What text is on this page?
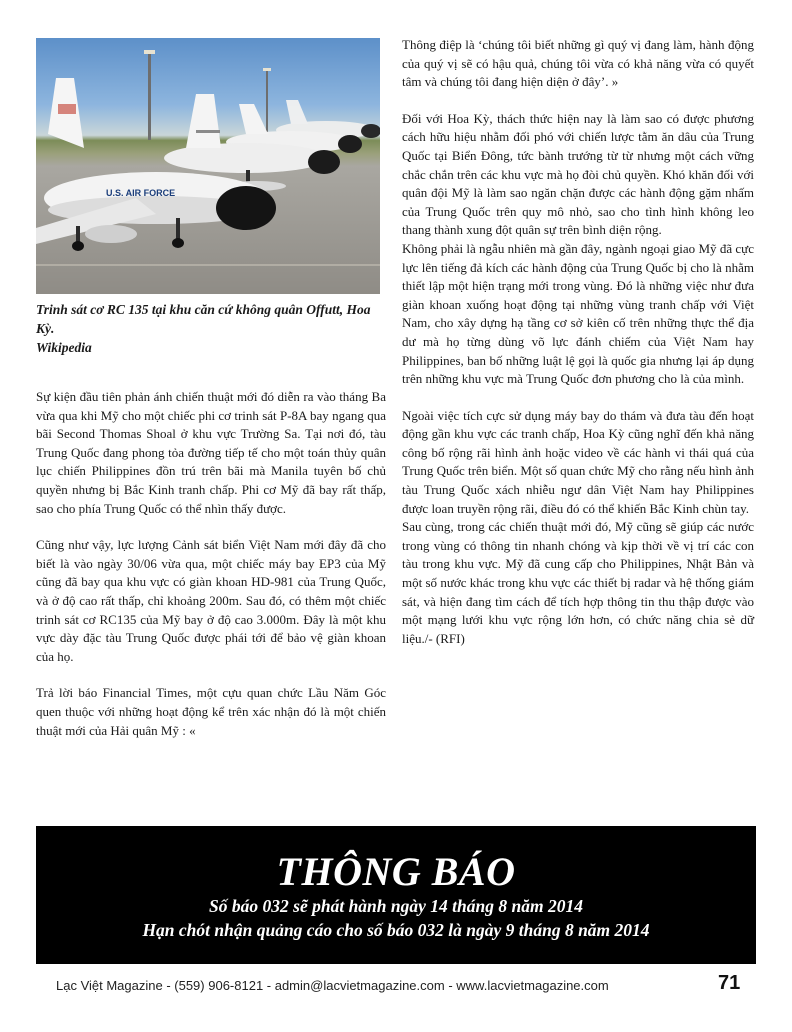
U.S. AIR FORCE
Trinh sát cơ RC 135 tại khu căn cứ không quân Offutt, Hoa Kỳ.
Wikipedia

Sự kiện đầu tiên phản ánh chiến thuật mới đó diễn ra vào tháng Ba vừa qua khi Mỹ cho một chiếc phi cơ trinh sát P-8A bay ngang qua bãi Second Thomas Shoal ở khu vực Trường Sa. Tại nơi đó, tàu Trung Quốc đang phong tỏa đường tiếp tế cho một toán thủy quân lục chiến Philippines đồn trú trên bãi mà Manila tuyên bố chủ quyền nhưng bị Bắc Kinh tranh chấp. Phi cơ Mỹ đã bay rất thấp, sao cho phía Trung Quốc có thể nhìn thấy được.

Cũng như vậy, lực lượng Cảnh sát biển Việt Nam mới đây đã cho biết là vào ngày 30/06 vừa qua, một chiếc máy bay EP3 của Mỹ cũng đã bay qua khu vực có giàn khoan HD-981 của Trung Quốc, và ở độ cao rất thấp, chỉ khoảng 200m. Sau đó, có thêm một chiếc trinh sát cơ RC135 của Mỹ bay ở độ cao 3.000m. Đây là một khu vực dày đặc tàu Trung Quốc được phái tới để bảo vệ giàn khoan của họ.

Trả lời báo Financial Times, một cựu quan chức Lầu Năm Góc quen thuộc với những hoạt động kể trên xác nhận đó là một chiến thuật mới của Hải quân Mỹ : «

Thông điệp là ‘chúng tôi biết những gì quý vị đang làm, hành động của quý vị sẽ có hậu quả, chúng tôi vừa có khả năng vừa có quyết tâm và chúng tôi đang hiện diện ở đây’. »

Đối với Hoa Kỳ, thách thức hiện nay là làm sao có được phương cách hữu hiệu nhằm đối phó với chiến lược tằm ăn dâu của Trung Quốc tại Biển Đông, tức bành trướng từ từ nhưng một cách vững chắc chắn trên các khu vực mà họ đòi chủ quyền. Khó khăn đối với quân đội Mỹ là làm sao ngăn chặn được các hành động gặm nhấm của Trung Quốc trên quy mô nhỏ, sao cho tình hình không leo thang thành xung đột quân sự trên bình diện rộng.

Không phải là ngẫu nhiên mà gần đây, ngành ngoại giao Mỹ đã cực lực lên tiếng đả kích các hành động của Trung Quốc bị cho là nhằm thiết lập một hiện trạng mới trong vùng. Đó là những việc như đưa giàn khoan xuống hoạt động tại những vùng tranh chấp với Việt Nam, cho xây dựng hạ tầng cơ sở kiên cố trên những thực thể địa dư mà họ từng dùng võ lực đánh chiếm của Việt Nam hay Philippines, ban bố những luật lệ gọi là quốc gia nhưng lại áp dụng trên những khu vực mà Trung Quốc đơn phương cho là của mình.

Ngoài việc tích cực sử dụng máy bay do thám và đưa tàu đến hoạt động gần khu vực các tranh chấp, Hoa Kỳ cũng nghĩ đến khả năng công bố rộng rãi hình ảnh hoặc video về các hành vi thái quá của Trung Quốc trên biển. Một số quan chức Mỹ cho rằng nếu hình ảnh tàu Trung Quốc xách nhiễu ngư dân Việt Nam hay Philippines được loan truyền rộng rãi, điều đó có thể khiến Bắc Kinh chùn tay.

Sau cùng, trong các chiến thuật mới đó, Mỹ cũng sẽ giúp các nước trong vùng có thông tin nhanh chóng và kịp thời về vị trí các con tàu trong khu vực. Mỹ đã cung cấp cho Philippines, Nhật Bản và một số nước khác trong khu vực các thiết bị radar và hệ thống giám sát, và hiện đang tìm cách để tích hợp thông tin thu thập được vào một mạng lưới khu vực rộng lớn hơn, có chức năng chia sẻ dữ liệu./- (RFI)

THÔNG BÁO
Số báo 032 sẽ phát hành ngày 14 tháng 8 năm 2014
Hạn chót nhận quảng cáo cho số báo 032 là ngày 9 tháng 8 năm 2014
Lạc Việt Magazine - (559) 906-8121 - admin@lacvietmagazine.com - www.lacvietmagazine.com	71
